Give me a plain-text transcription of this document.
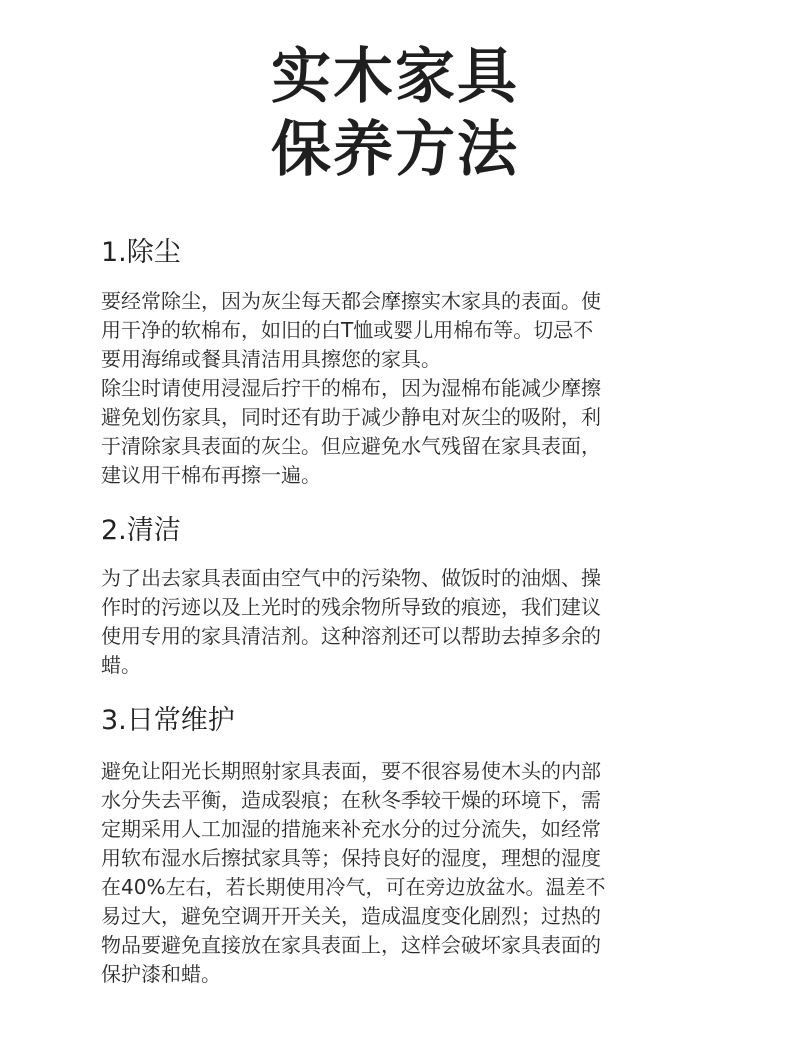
实木家具
保养方法
1.除尘

要经常除尘，因为灰尘每天都会摩擦实木家具的表面。使
用干净的软棉布，如旧的白T恤或婴儿用棉布等。切忌不
要用海绵或餐具清洁用具擦您的家具。

除尘时请使用浸湿后拧干的棉布，因为湿棉布能减少摩擦
避免划伤家具，同时还有助于减少静电对灰尘的吸附，利
于清除家具表面的灰尘。但应避免水气残留在家具表面，
建议用干棉布再擦一遍。

2.清洁

为了出去家具表面由空气中的污染物、做饭时的油烟、操
作时的污迹以及上光时的残余物所导致的痕迹，我们建议
使用专用的家具清洁剂。这种溶剂还可以帮助去掉多余的
蜡。

3.日常维护

避免让阳光长期照射家具表面，要不很容易使木头的内部
水分失去平衡，造成裂痕；在秋冬季较干燥的环境下，需
定期采用人工加湿的措施来补充水分的过分流失，如经常
用软布湿水后擦拭家具等；保持良好的湿度，理想的湿度
在40%左右，若长期使用冷气，可在旁边放盆水。温差不
易过大，避免空调开开关关，造成温度变化剧烈；过热的
物品要避免直接放在家具表面上，这样会破坏家具表面的
保护漆和蜡。
